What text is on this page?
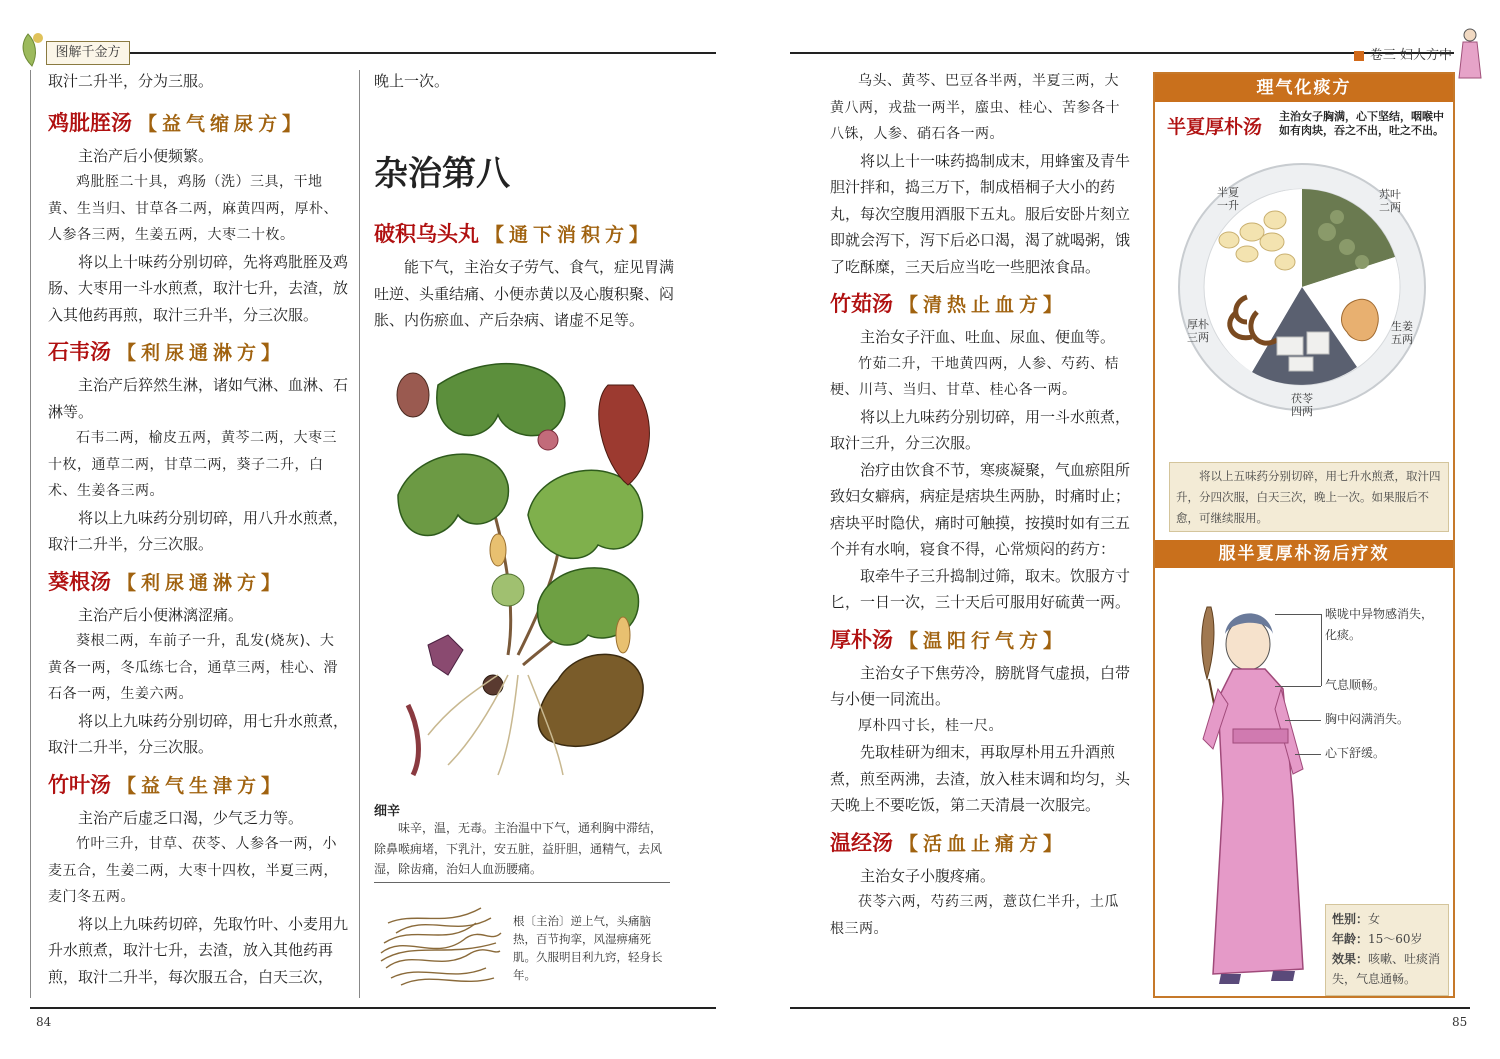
图解千金方	卷三 妇人方中
84	85

取汁二升半，分为三服。

鸡肶胵汤 【益气缩尿方】

主治产后小便频繁。

鸡肶胵二十具，鸡肠（洗）三具，干地黄、生当归、甘草各二两，麻黄四两，厚朴、人参各三两，生姜五两，大枣二十枚。

将以上十味药分别切碎，先将鸡肶胵及鸡肠、大枣用一斗水煎煮，取汁七升，去渣，放入其他药再煎，取汁三升半，分三次服。

石韦汤 【利尿通淋方】

主治产后猝然生淋，诸如气淋、血淋、石淋等。

石韦二两，榆皮五两，黄芩二两，大枣三十枚，通草二两，甘草二两，葵子二升，白术、生姜各三两。

将以上九味药分别切碎，用八升水煎煮，取汁二升半，分三次服。

葵根汤 【利尿通淋方】

主治产后小便淋漓涩痛。

葵根二两，车前子一升，乱发(烧灰)、大黄各一两，冬瓜练七合，通草三两，桂心、滑石各一两，生姜六两。

将以上九味药分别切碎，用七升水煎煮，取汁二升半，分三次服。

竹叶汤 【益气生津方】

主治产后虚乏口渴，少气乏力等。

竹叶三升，甘草、茯苓、人参各一两，小麦五合，生姜二两，大枣十四枚，半夏三两，麦门冬五两。

将以上九味药切碎，先取竹叶、小麦用九升水煎煮，取汁七升，去渣，放入其他药再煎，取汁二升半，每次服五合，白天三次，

晚上一次。

杂治第八
破积乌头丸 【通下消积方】

能下气，主治女子劳气、食气，症见胃满吐逆、头重结痛、小便赤黄以及心腹积聚、闷胀、内伤瘀血、产后杂病、诸虚不足等。

细辛
味辛，温，无毒。主治温中下气，通利胸中滞结，除鼻喉痈堵，下乳汁，安五脏，益肝胆，通精气，去风湿，除齿痛，治妇人血沥腰痛。
根〔主治〕逆上气，头痛脑热，百节拘挛，风湿痹痛死肌。久服明目利九窍，轻身长年。

乌头、黄芩、巴豆各半两，半夏三两，大黄八两，戎盐一两半，䗪虫、桂心、苦参各十八铢，人参、硝石各一两。

将以上十一味药捣制成末，用蜂蜜及青牛胆汁拌和，捣三万下，制成梧桐子大小的药丸，每次空腹用酒服下五丸。服后安卧片刻立即就会泻下，泻下后必口渴，渴了就喝粥，饿了吃酥糜，三天后应当吃一些肥浓食品。

竹茹汤 【清热止血方】

主治女子汗血、吐血、尿血、便血等。

竹茹二升，干地黄四两，人参、芍药、桔梗、川芎、当归、甘草、桂心各一两。

将以上九味药分别切碎，用一斗水煎煮，取汁三升，分三次服。

治疗由饮食不节，寒痰凝聚，气血瘀阻所致妇女癖病，病症是痞块生两胁，时痛时止；痞块平时隐伏，痛时可触摸，按摸时如有三五个并有水响，寝食不得，心常烦闷的药方：

取牵牛子三升捣制过筛，取末。饮服方寸匕，一日一次，三十天后可服用好硫黄一两。

厚朴汤 【温阳行气方】

主治女子下焦劳冷，膀胱肾气虚损，白带与小便一同流出。

厚朴四寸长，桂一尺。

先取桂研为细末，再取厚朴用五升酒煎煮，煎至两沸，去渣，放入桂末调和均匀，头天晚上不要吃饭，第二天清晨一次服完。

温经汤 【活血止痛方】

主治女子小腹疼痛。

茯苓六两，芍药三两，薏苡仁半升，土瓜根三两。

理气化痰方
半夏厚朴汤 主治女子胸满，心下坚结，咽喉中如有肉块，吞之不出，吐之不出。
半夏
一升
苏叶
二两
厚朴
三两
生姜
五两
茯苓
四两
将以上五味药分别切碎，用七升水煎煮，取汁四升，分四次服，白天三次，晚上一次。如果服后不愈，可继续服用。
服半夏厚朴汤后疗效
喉咙中异物感消失，化痰。
气息顺畅。
胸中闷满消失。
心下舒缓。
性别：女
年龄：15～60岁
效果：咳嗽、吐痰消失，气息通畅。
